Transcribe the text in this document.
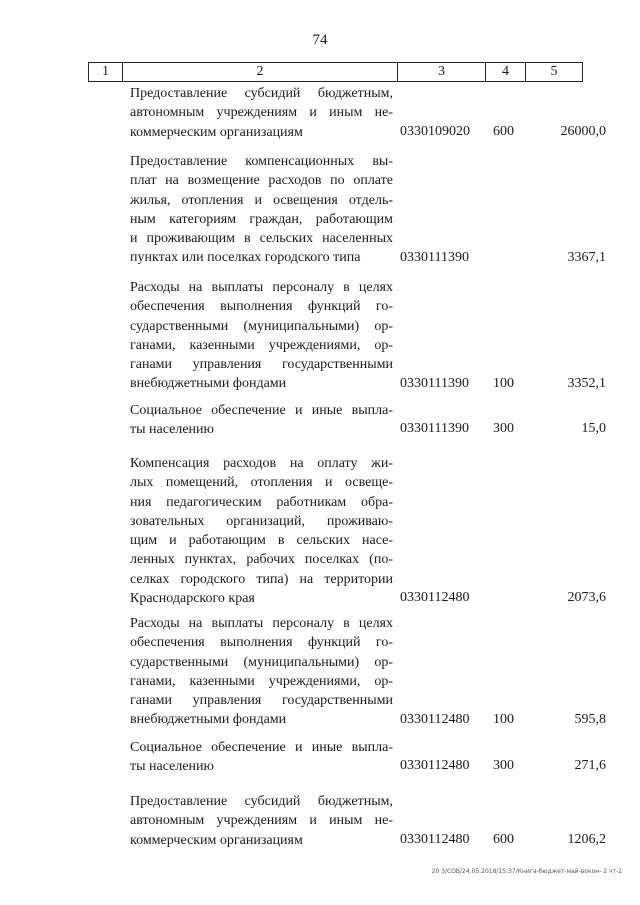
74
1	2	3	4	5
Предоставление субсидий бюджетным,
автономным учреждениям и иным не-
коммерческим организациям	0330109020 600	26000,0
Предоставление компенсационных вы-
плат на возмещение расходов по оплате
жилья, отопления и освещения отдель-
ным категориям граждан, работающим
и проживающим в сельских населенных
пунктах или поселках городского типа	0330111390	3367,1
Расходы на выплаты персоналу в целях
обеспечения выполнения функций го-
сударственными (муниципальными) ор-
ганами, казенными учреждениями, ор-
ганами управления государственными
внебюджетными фондами	0330111390 100	3352,1
Социальное обеспечение и иные выпла-
ты населению	0330111390 300	15,0
Компенсация расходов на оплату жи-
лых помещений, отопления и освеще-
ния педагогическим работникам обра-
зовательных организаций, проживаю-
щим и работающим в сельских насе-
ленных пунктах, рабочих поселках (по-
селках городского типа) на территории
Краснодарского края	0330112480	2073,6
Расходы на выплаты персоналу в целях
обеспечения выполнения функций го-
сударственными (муниципальными) ор-
ганами, казенными учреждениями, ор-
ганами управления государственными
внебюджетными фондами	0330112480 100	595,8
Социальное обеспечение и иные выпла-
ты населению	0330112480 300	271,6
Предоставление субсидий бюджетным,
автономным учреждениям и иным не-
коммерческим организациям	0330112480 600	1206,2
20 3/СОВ/24.05.2018/15:37/Книга-бюджет-май-вокон- 2 чт-2
